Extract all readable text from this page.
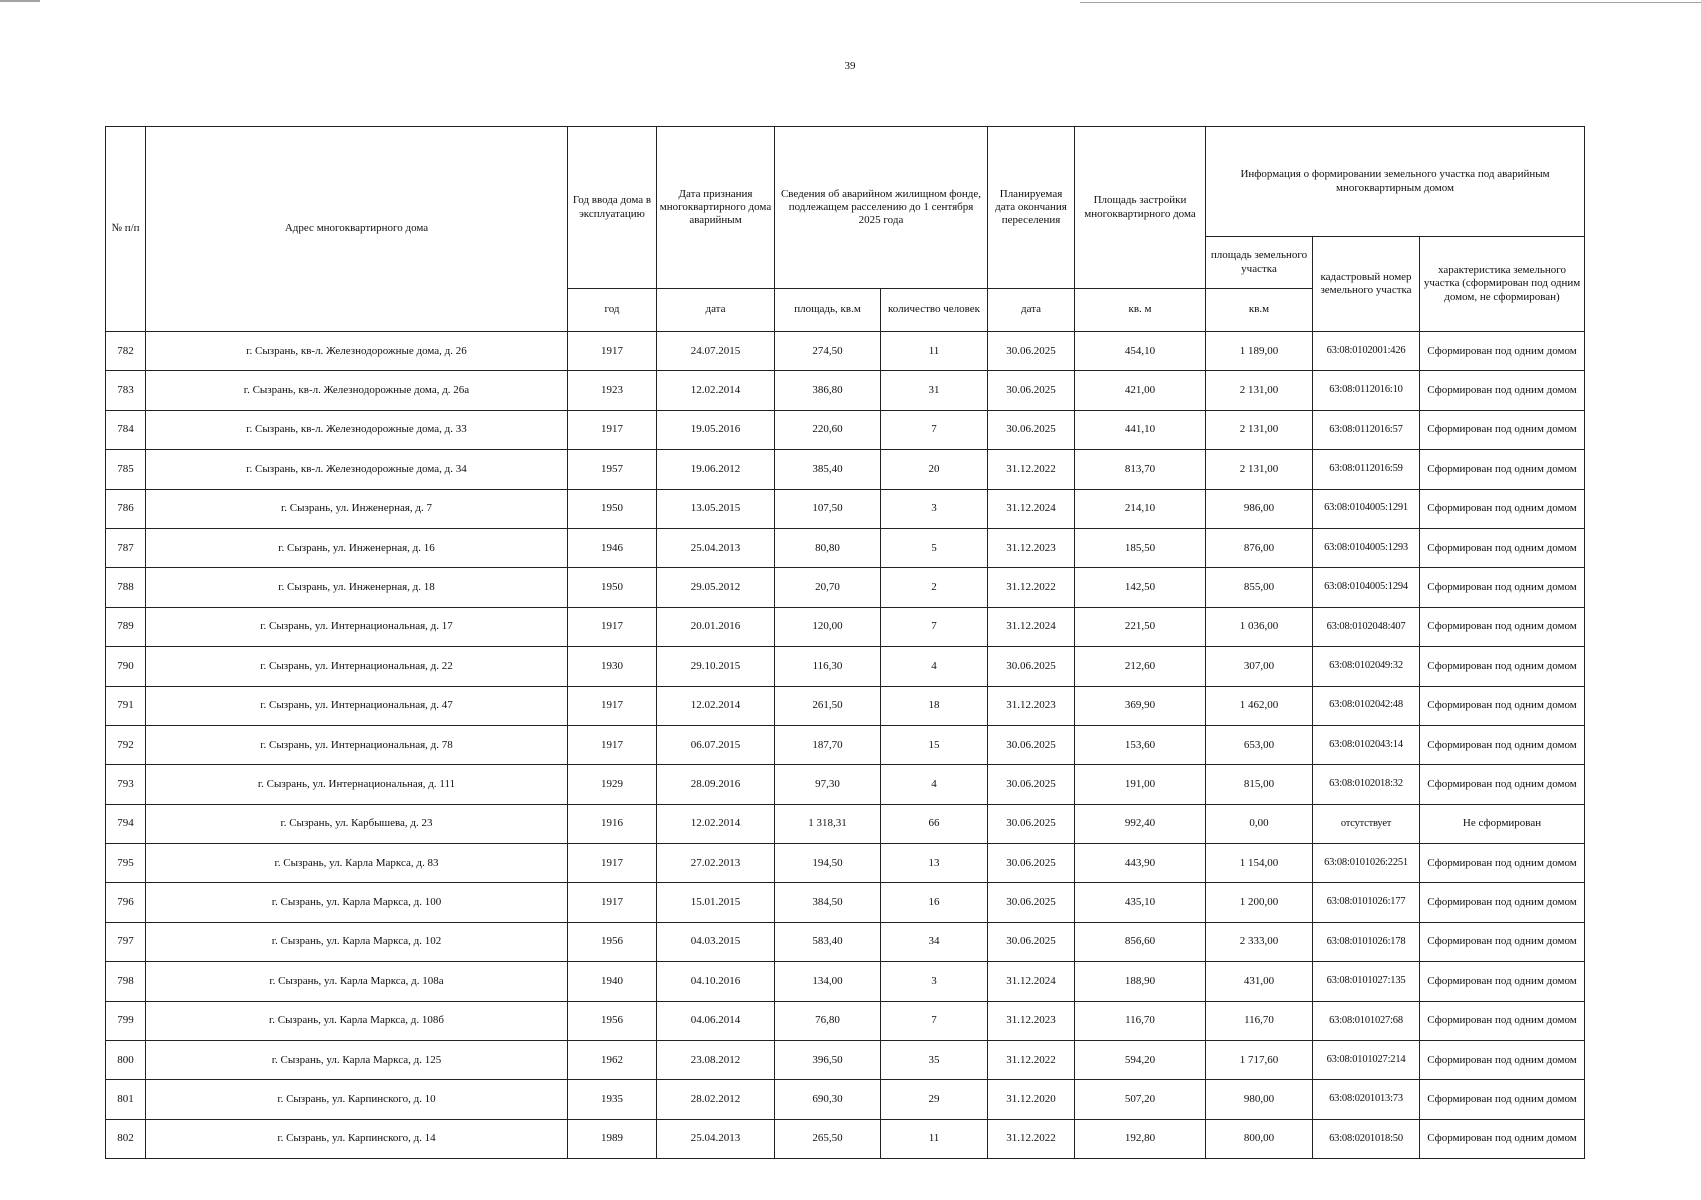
39
№ п/п	Адрес многоквартирного дома	Год ввода дома в эксплуатацию	Дата признания многоквартирного дома аварийным	Сведения об аварийном жилищном фонде, подлежащем расселению до 1 сентября 2025 года		Планируемая дата окончания переселения	Площадь застройки многоквартирного дома	Информация о формировании земельного участка под аварийным многоквартирным домом		
								площадь земельного участка	кадастровый номер земельного участка	характеристика земельного участка (сформирован под одним домом, не сформирован)
		год	дата	площадь, кв.м	количество человек	дата	кв. м	кв.м		
782	г. Сызрань, кв-л. Железнодорожные дома, д. 26	1917	24.07.2015	274,50	11	30.06.2025	454,10	1 189,00	63:08:0102001:426	Сформирован под одним домом
783	г. Сызрань, кв-л. Железнодорожные дома, д. 26а	1923	12.02.2014	386,80	31	30.06.2025	421,00	2 131,00	63:08:0112016:10	Сформирован под одним домом
784	г. Сызрань, кв-л. Железнодорожные дома, д. 33	1917	19.05.2016	220,60	7	30.06.2025	441,10	2 131,00	63:08:0112016:57	Сформирован под одним домом
785	г. Сызрань, кв-л. Железнодорожные дома, д. 34	1957	19.06.2012	385,40	20	31.12.2022	813,70	2 131,00	63:08:0112016:59	Сформирован под одним домом
786	г. Сызрань, ул. Инженерная, д. 7	1950	13.05.2015	107,50	3	31.12.2024	214,10	986,00	63:08:0104005:1291	Сформирован под одним домом
787	г. Сызрань, ул. Инженерная, д. 16	1946	25.04.2013	80,80	5	31.12.2023	185,50	876,00	63:08:0104005:1293	Сформирован под одним домом
788	г. Сызрань, ул. Инженерная, д. 18	1950	29.05.2012	20,70	2	31.12.2022	142,50	855,00	63:08:0104005:1294	Сформирован под одним домом
789	г. Сызрань, ул. Интернациональная, д. 17	1917	20.01.2016	120,00	7	31.12.2024	221,50	1 036,00	63:08:0102048:407	Сформирован под одним домом
790	г. Сызрань, ул. Интернациональная, д. 22	1930	29.10.2015	116,30	4	30.06.2025	212,60	307,00	63:08:0102049:32	Сформирован под одним домом
791	г. Сызрань, ул. Интернациональная, д. 47	1917	12.02.2014	261,50	18	31.12.2023	369,90	1 462,00	63:08:0102042:48	Сформирован под одним домом
792	г. Сызрань, ул. Интернациональная, д. 78	1917	06.07.2015	187,70	15	30.06.2025	153,60	653,00	63:08:0102043:14	Сформирован под одним домом
793	г. Сызрань, ул. Интернациональная, д. 111	1929	28.09.2016	97,30	4	30.06.2025	191,00	815,00	63:08:0102018:32	Сформирован под одним домом
794	г. Сызрань, ул. Карбышева, д. 23	1916	12.02.2014	1 318,31	66	30.06.2025	992,40	0,00	отсутствует	Не сформирован
795	г. Сызрань, ул. Карла Маркса, д. 83	1917	27.02.2013	194,50	13	30.06.2025	443,90	1 154,00	63:08:0101026:2251	Сформирован под одним домом
796	г. Сызрань, ул. Карла Маркса, д. 100	1917	15.01.2015	384,50	16	30.06.2025	435,10	1 200,00	63:08:0101026:177	Сформирован под одним домом
797	г. Сызрань, ул. Карла Маркса, д. 102	1956	04.03.2015	583,40	34	30.06.2025	856,60	2 333,00	63:08:0101026:178	Сформирован под одним домом
798	г. Сызрань, ул. Карла Маркса, д. 108а	1940	04.10.2016	134,00	3	31.12.2024	188,90	431,00	63:08:0101027:135	Сформирован под одним домом
799	г. Сызрань, ул. Карла Маркса, д. 108б	1956	04.06.2014	76,80	7	31.12.2023	116,70	116,70	63:08:0101027:68	Сформирован под одним домом
800	г. Сызрань, ул. Карла Маркса, д. 125	1962	23.08.2012	396,50	35	31.12.2022	594,20	1 717,60	63:08:0101027:214	Сформирован под одним домом
801	г. Сызрань, ул. Карпинского, д. 10	1935	28.02.2012	690,30	29	31.12.2020	507,20	980,00	63:08:0201013:73	Сформирован под одним домом
802	г. Сызрань, ул. Карпинского, д. 14	1989	25.04.2013	265,50	11	31.12.2022	192,80	800,00	63:08:0201018:50	Сформирован под одним домом
